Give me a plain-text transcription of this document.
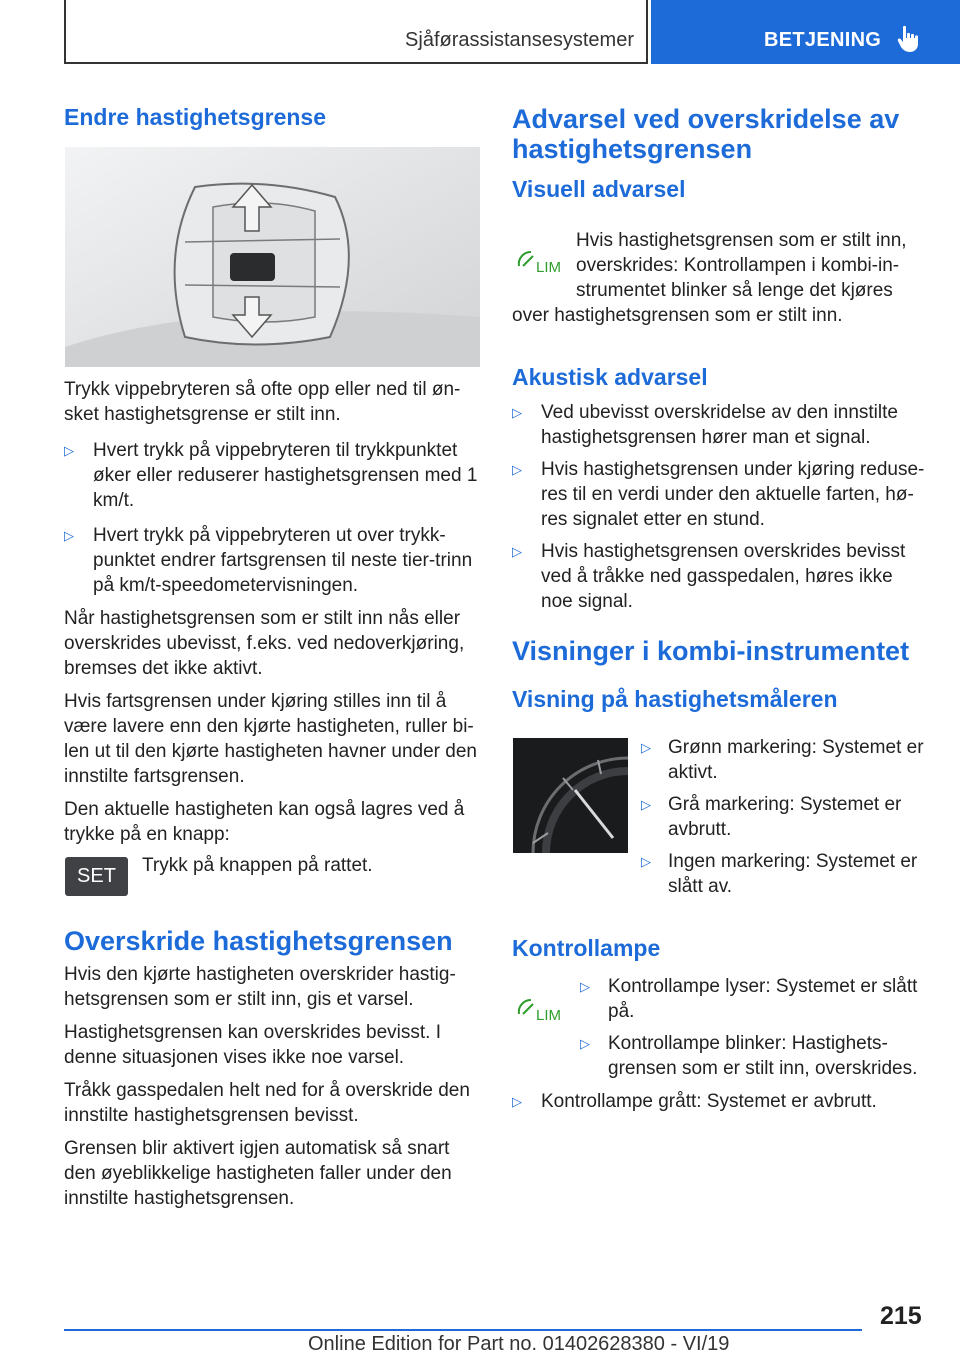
Sjåførassistansesystemer	BETJENING
Endre hastighetsgrense

Trykk vippebryteren så ofte opp eller ned til øn‐ sket hastighetsgrense er stilt inn.

▷ Hvert trykk på vippebryteren til trykkpunktet øker eller reduserer hastighetsgrensen med 1 km/t.
▷ Hvert trykk på vippebryteren ut over trykk‐ punktet endrer fartsgrensen til neste tier-trinn på km/t-speedometervisningen.

Når hastighetsgrensen som er stilt inn nås eller overskrides ubevisst, f.eks. ved nedoverkjøring, bremses det ikke aktivt.

Hvis fartsgrensen under kjøring stilles inn til å være lavere enn den kjørte hastigheten, ruller bi‐ len ut til den kjørte hastigheten havner under den innstilte fartsgrensen.

Den aktuelle hastigheten kan også lagres ved å trykke på en knapp:

SET	Trykk på knappen på rattet.

Overskride hastighetsgrensen

Hvis den kjørte hastigheten overskrider hastig‐ hetsgrensen som er stilt inn, gis et varsel.

Hastighetsgrensen kan overskrides bevisst. I denne situasjonen vises ikke noe varsel.

Tråkk gasspedalen helt ned for å overskride den innstilte hastighetsgrensen bevisst.

Grensen blir aktivert igjen automatisk så snart den øyeblikkelige hastigheten faller under den innstilte hastighetsgrensen.

Advarsel ved overskridelse av hastighetsgrensen
Visuell advarsel
LIM

Hvis hastighetsgrensen som er stilt inn, overskrides: Kontrollampen i kombi-in‐ strumentet blinker så lenge det kjøres over hastighetsgrensen som er stilt inn.
Akustisk advarsel
▷ Ved ubevisst overskridelse av den innstilte hastighetsgrensen hører man et signal.
▷ Hvis hastighetsgrensen under kjøring reduse‐ res til en verdi under den aktuelle farten, hø‐ res signalet etter en stund.
▷ Hvis hastighetsgrensen overskrides bevisst ved å tråkke ned gasspedalen, høres ikke noe signal.
Visninger i kombi-instrumentet
Visning på hastighetsmåleren
▷ Grønn markering: Systemet er aktivt.
▷ Grå markering: Systemet er avbrutt.
▷ Ingen markering: Systemet er slått av.
Kontrollampe
LIM
▷ Kontrollampe lyser: Systemet er slått på.
▷ Kontrollampe blinker: Hastighets‐ grensen som er stilt inn, overskrides.
▷ Kontrollampe grått: Systemet er avbrutt.
215
Online Edition for Part no. 01402628380 - VI/19
